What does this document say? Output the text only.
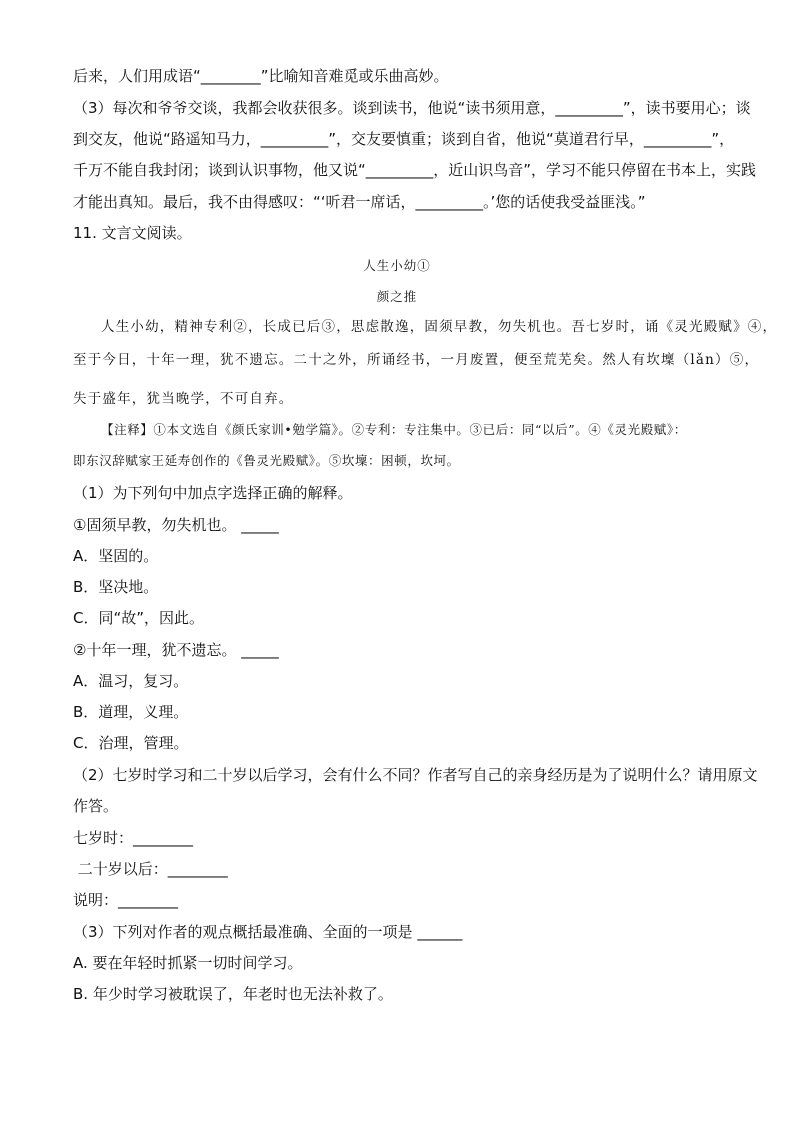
后来，人们用成语“________”比喻知音难觅或乐曲高妙。
（3）每次和爷爷交谈，我都会收获很多。谈到读书，他说“读书须用意，_________”，读书要用心；谈
到交友，他说“路遥知马力，_________”，交友要慎重；谈到自省，他说“莫道君行早，_________”，
千万不能自我封闭；谈到认识事物，他又说“_________，近山识鸟音”，学习不能只停留在书本上，实践
才能出真知。最后，我不由得感叹：“‘听君一席话，_________。’您的话使我受益匪浅。”
11. 文言文阅读。
人生小幼①
颜之推
人生小幼，精神专利②，长成已后③，思虑散逸，固须早教，勿失机也。吾七岁时，诵《灵光殿赋》④，
至于今日，十年一理，犹不遗忘。二十之外，所诵经书，一月废置，便至荒芜矣。然人有坎壈（lǎn）⑤，
失于盛年，犹当晚学，不可自弃。
【注释】①本文选自《颜氏家训•勉学篇》。②专利：专注集中。③已后：同“以后”。④《灵光殿赋》：
即东汉辞赋家王延寿创作的《鲁灵光殿赋》。⑤坎壈：困顿，坎坷。
（1）为下列句中加点字选择正确的解释。
①固须早教，勿失机也。 _____
A．坚固的。
B．坚决地。
C．同“故”，因此。
②十年一理，犹不遗忘。 _____
A．温习，复习。
B．道理，义理。
C．治理，管理。
（2）七岁时学习和二十岁以后学习，会有什么不同？作者写自己的亲身经历是为了说明什么？请用原文
作答。
七岁时：________
二十岁以后：________
说明：________
（3）下列对作者的观点概括最准确、全面的一项是 ______
A. 要在年轻时抓紧一切时间学习。
B. 年少时学习被耽误了，年老时也无法补救了。
